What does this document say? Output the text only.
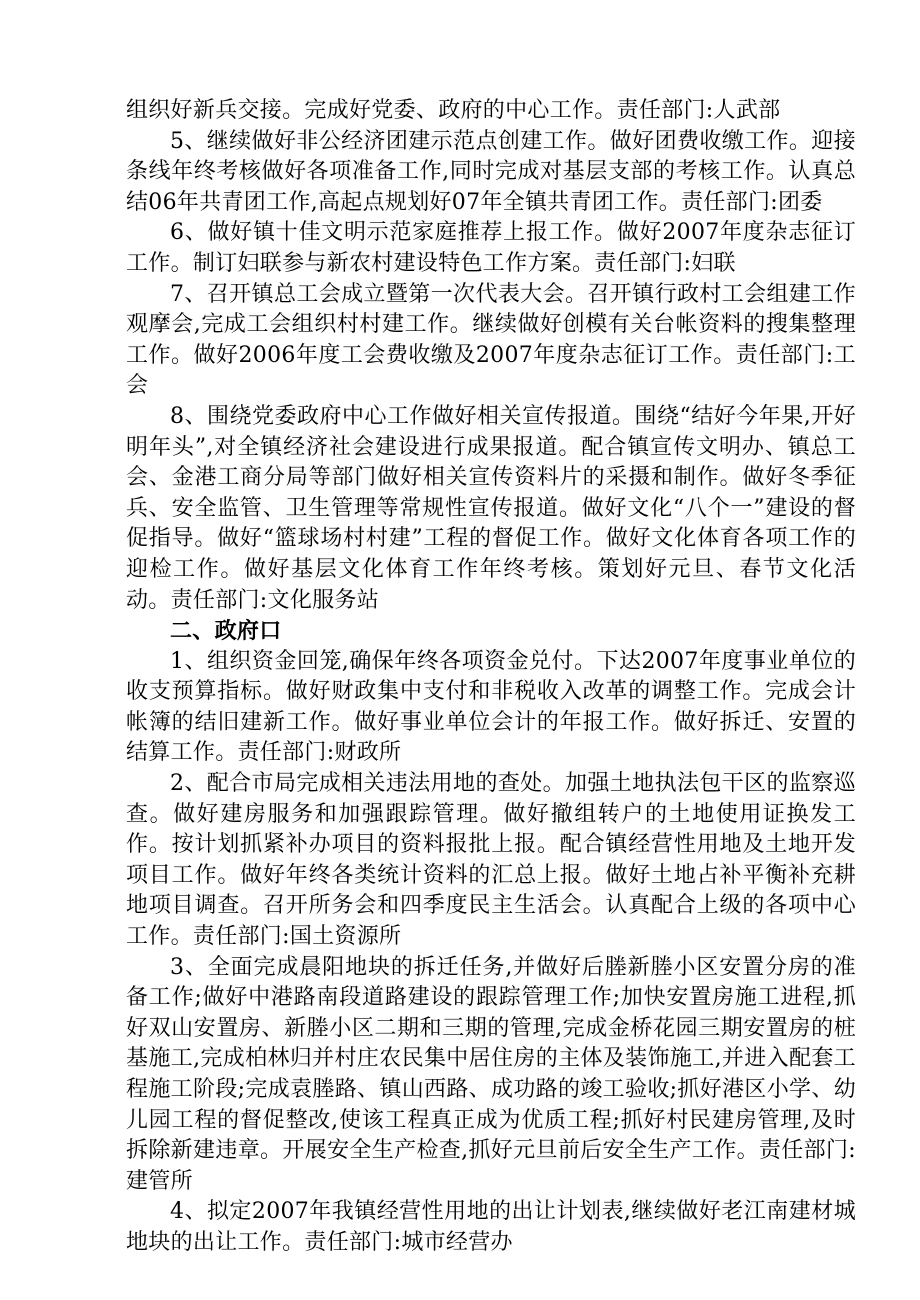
组织好新兵交接。完成好党委、政府的中心工作。责任部门:人武部

5、继续做好非公经济团建示范点创建工作。做好团费收缴工作。迎接条线年终考核做好各项准备工作,同时完成对基层支部的考核工作。认真总结06年共青团工作,高起点规划好07年全镇共青团工作。责任部门:团委

6、做好镇十佳文明示范家庭推荐上报工作。做好2007年度杂志征订工作。制订妇联参与新农村建设特色工作方案。责任部门:妇联

7、召开镇总工会成立暨第一次代表大会。召开镇行政村工会组建工作观摩会,完成工会组织村村建工作。继续做好创模有关台帐资料的搜集整理工作。做好2006年度工会费收缴及2007年度杂志征订工作。责任部门:工会

8、围绕党委政府中心工作做好相关宣传报道。围绕“结好今年果,开好明年头”,对全镇经济社会建设进行成果报道。配合镇宣传文明办、镇总工会、金港工商分局等部门做好相关宣传资料片的采摄和制作。做好冬季征兵、安全监管、卫生管理等常规性宣传报道。做好文化“八个一”建设的督促指导。做好“篮球场村村建”工程的督促工作。做好文化体育各项工作的迎检工作。做好基层文化体育工作年终考核。策划好元旦、春节文化活动。责任部门:文化服务站

二、政府口

1、组织资金回笼,确保年终各项资金兑付。下达2007年度事业单位的收支预算指标。做好财政集中支付和非税收入改革的调整工作。完成会计帐簿的结旧建新工作。做好事业单位会计的年报工作。做好拆迁、安置的结算工作。责任部门:财政所

2、配合市局完成相关违法用地的查处。加强土地执法包干区的监察巡查。做好建房服务和加强跟踪管理。做好撤组转户的土地使用证换发工作。按计划抓紧补办项目的资料报批上报。配合镇经营性用地及土地开发项目工作。做好年终各类统计资料的汇总上报。做好土地占补平衡补充耕地项目调查。召开所务会和四季度民主生活会。认真配合上级的各项中心工作。责任部门:国土资源所

3、全面完成晨阳地块的拆迁任务,并做好后塍新塍小区安置分房的准备工作;做好中港路南段道路建设的跟踪管理工作;加快安置房施工进程,抓好双山安置房、新塍小区二期和三期的管理,完成金桥花园三期安置房的桩基施工,完成柏林归并村庄农民集中居住房的主体及装饰施工,并进入配套工程施工阶段;完成袁塍路、镇山西路、成功路的竣工验收;抓好港区小学、幼儿园工程的督促整改,使该工程真正成为优质工程;抓好村民建房管理,及时拆除新建违章。开展安全生产检查,抓好元旦前后安全生产工作。责任部门:建管所

4、拟定2007年我镇经营性用地的出让计划表,继续做好老江南建材城地块的出让工作。责任部门:城市经营办
